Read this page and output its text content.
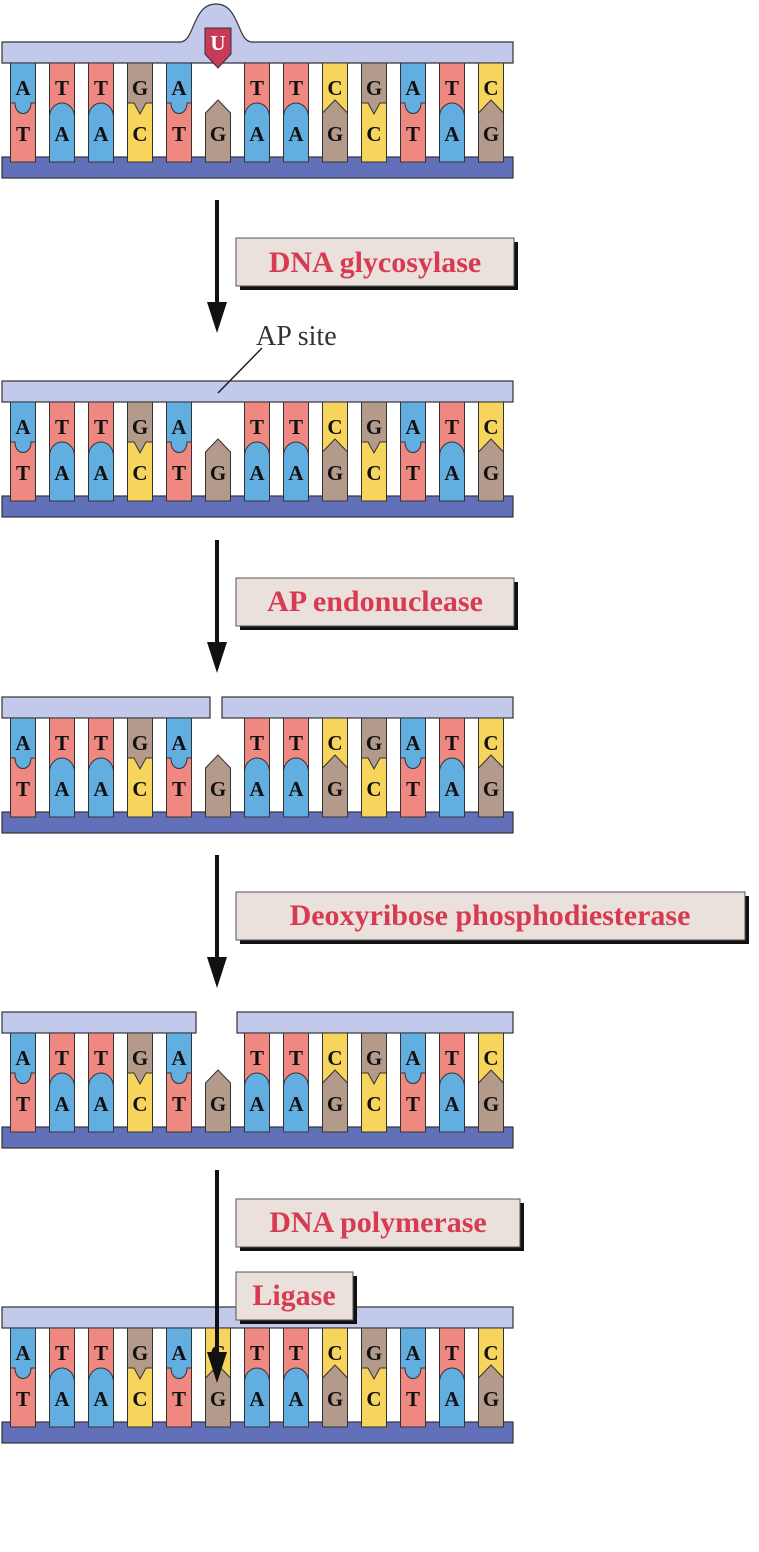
A
T
T
A
T
A
G
C
A
T
U
G
T
A
T
A
C
G
G
C
A
T
T
A
C
G
A
T
T
A
T
A
G
C
A
T G
T
A
T
A
C
G
G
C
A
T
T
A
C
G
A
T
T
A
T
A
G
C
A
T G
T
A
T
A
C
G
G
C
A
T
T
A
C
G
A
T
T
A
T
A
G
C
A
T G
T
A
T
A
C
G
G
C
A
T
T
A
C
G
A
T
T
A
T
A
G
C
A
T G
T
A
T
A
C
G
G
C
A
T
T
A
C
G
DNA glycosylase
AP endonuclease
Deoxyribose phosphodiesterase
DNA polymerase
Ligase
AP site
